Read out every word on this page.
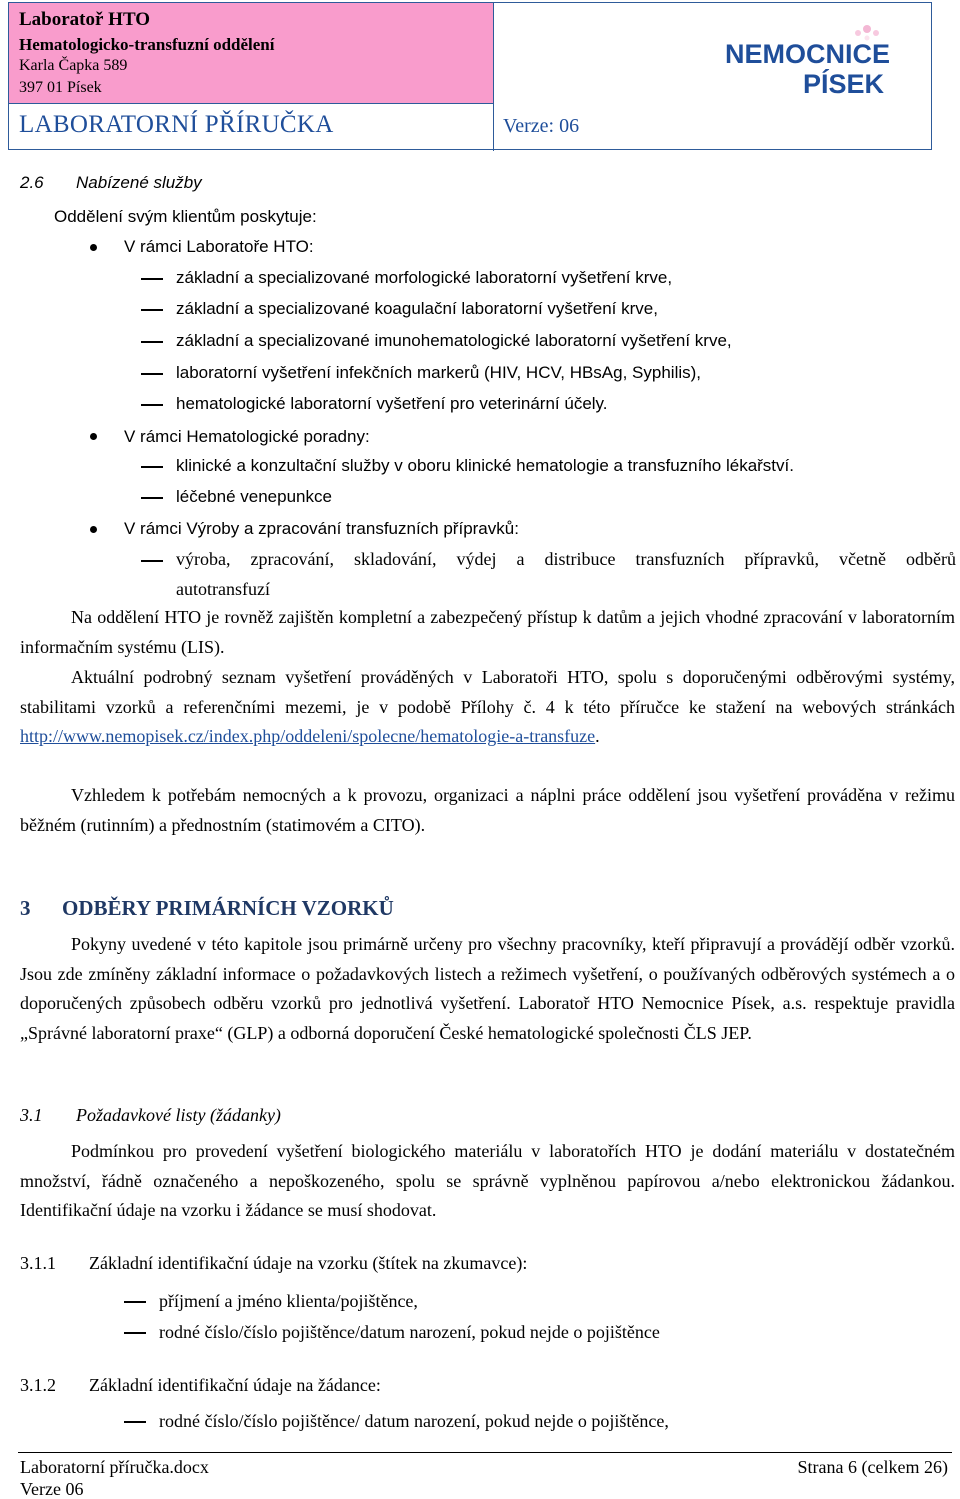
Laboratoř HTO
Hematologicko-transfuzní oddělení
Karla Čapka 589
397 01 Písek
LABORATORNÍ PŘÍRUČKA	Verze: 06
NEMOCNICE
PÍSEK
2.6 Nabízené služby
Oddělení svým klientům poskytuje:
V rámci Laboratoře HTO:
základní a specializované morfologické laboratorní vyšetření krve,
základní a specializované koagulační laboratorní vyšetření krve,
základní a specializované imunohematologické laboratorní vyšetření krve,
laboratorní vyšetření infekčních markerů (HIV, HCV, HBsAg, Syphilis),
hematologické laboratorní vyšetření pro veterinární účely.
V rámci Hematologické poradny:
klinické a konzultační služby v oboru klinické hematologie a transfuzního lékařství.
léčebné venepunkce
V rámci Výroby a zpracování transfuzních přípravků:
výroba, zpracování, skladování, výdej a distribuce transfuzních přípravků, včetně odběrů
autotransfuzí
Na oddělení HTO je rovněž zajištěn kompletní a zabezpečený přístup k datům a jejich vhodné zpracování v laboratorním informačním systému (LIS).
Aktuální podrobný seznam vyšetření prováděných v Laboratoři HTO, spolu s doporučenými odběrovými systémy, stabilitami vzorků a referenčními mezemi, je v podobě Přílohy č. 4 k této příručce ke stažení na webových stránkách http://www.nemopisek.cz/index.php/oddeleni/spolecne/hematologie-a-transfuze.
Vzhledem k potřebám nemocných a k provozu, organizaci a náplni práce oddělení jsou vyšetření prováděna v režimu běžném (rutinním) a přednostním (statimovém a CITO).
3 ODBĚRY PRIMÁRNÍCH VZORKŮ
Pokyny uvedené v této kapitole jsou primárně určeny pro všechny pracovníky, kteří připravují a provádějí odběr vzorků. Jsou zde zmíněny základní informace o požadavkových listech a režimech vyšetření, o používaných odběrových systémech a o doporučených způsobech odběru vzorků pro jednotlivá vyšetření. Laboratoř HTO Nemocnice Písek, a.s. respektuje pravidla „Správné laboratorní praxe“ (GLP) a odborná doporučení České hematologické společnosti ČLS JEP.
3.1 Požadavkové listy (žádanky)
Podmínkou pro provedení vyšetření biologického materiálu v laboratořích HTO je dodání materiálu v dostatečném množství, řádně označeného a nepoškozeného, spolu se správně vyplněnou papírovou a/nebo elektronickou žádankou. Identifikační údaje na vzorku i žádance se musí shodovat.
3.1.1 Základní identifikační údaje na vzorku (štítek na zkumavce):
příjmení a jméno klienta/pojištěnce,
rodné číslo/číslo pojištěnce/datum narození, pokud nejde o pojištěnce
3.1.2 Základní identifikační údaje na žádance:
rodné číslo/číslo pojištěnce/ datum narození, pokud nejde o pojištěnce,
Laboratorní příručka.docx
Verze 06
Strana 6 (celkem 26)
